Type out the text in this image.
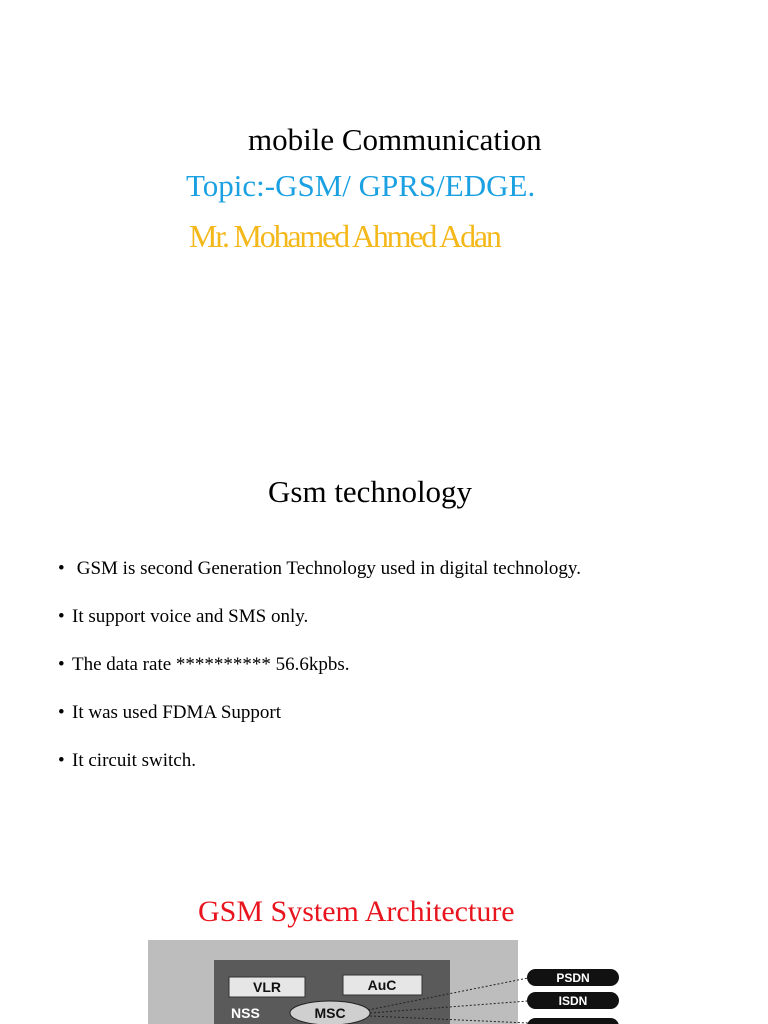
mobile Communication
Topic:-GSM/ GPRS/EDGE.
Mr. Mohamed Ahmed Adan
Gsm technology
• GSM is second Generation Technology used in digital technology.
• It support voice and SMS only.
• The data rate ********** 56.6kpbs.
• It was used FDMA Support
• It circuit switch.
GSM System Architecture
VLR	AuC
NSS	MSC
PSDN
ISDN
